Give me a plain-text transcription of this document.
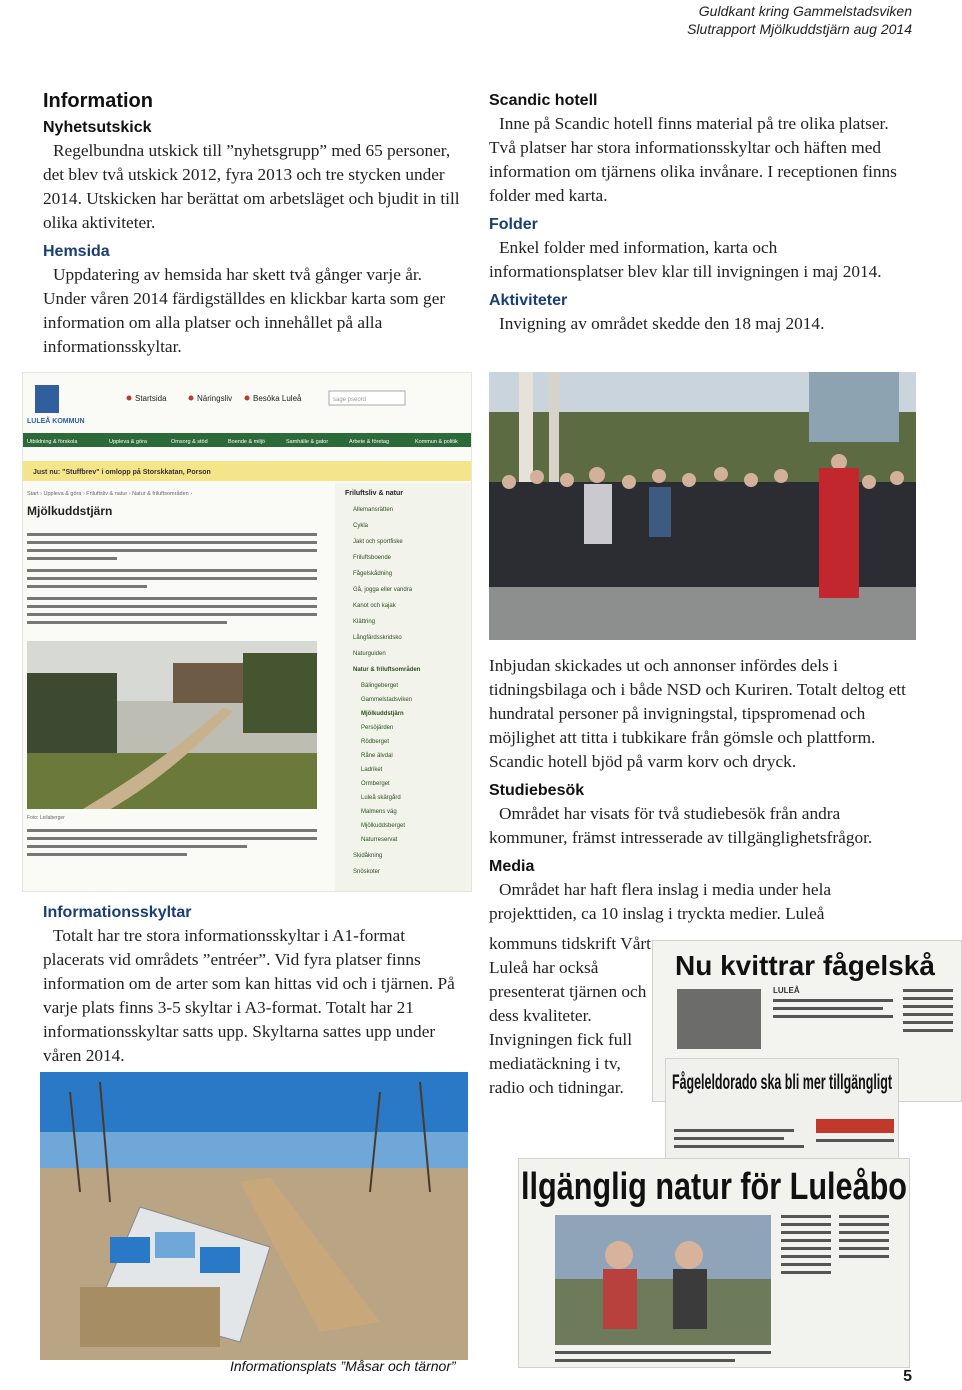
Guldkant kring Gammelstadsviken
Slutrapport Mjölkuddstjärn aug 2014
Information
Nyhetsutskick

Regelbundna utskick till ”nyhetsgrupp” med 65 personer, det blev två utskick 2012, fyra 2013 och tre stycken under 2014. Utskicken har berättat om arbetsläget och bjudit in till olika aktiviteter.

Hemsida

Uppdatering av hemsida har skett två gånger varje år. Under våren 2014 färdigställdes en klickbar karta som ger information om alla platser och innehållet på alla informationsskyltar.

Scandic hotell

Inne på Scandic hotell finns material på tre olika platser. Två platser har stora informationsskyltar och häften med information om tjärnens olika invånare. I receptionen finns folder med karta.

Folder

Enkel folder med information, karta och informationsplatser blev klar till invigningen i maj 2014.

Aktiviteter

Invigning av området skedde den 18 maj 2014.

LULEÅ KOMMUN
Startsida	Näringsliv	Besöka Luleå	sage pseord
Utbildning & förskola	Uppleva & göra	Omsorg & stöd	Boende & miljö	Samhälle & gator	Arbete & företag	Kommun & politik
Just nu: "Stuffbrev" i omlopp på Storskkatan, Porson
Start › Uppleva & göra › Friluftsliv & natur › Natur & friluftsområden ›
Mjölkuddstjärn
Foto: Leilaberger
Friluftsliv & natur
Allemansrätten
Cykla
Jakt och sportfiske
Friluftsboende
Fågelskådning
Gå, jogga eller vandra
Kanot och kajak
Klättring
Långfärdsskridsko
Naturguiden
Natur & friluftsområden
Bälingeberget
Gammelstadsviken
Mjölkuddstjärn
Persöjärden
Rödberget
Råne älvdal
Ladriket
Ormberget
Luleå skärgård
Malmens väg
Mjölkuddsberget
Naturreservat
Skidåkning
Snöskoter

Inbjudan skickades ut och annonser infördes dels i tidningsbilaga och i både NSD och Kuriren. Totalt deltog ett hundratal personer på invigningstal, tipspromenad och möjlighet att titta i tubkikare från gömsle och plattform. Scandic hotell bjöd på varm korv och dryck.

Studiebesök

Området har visats för två studiebesök från andra kommuner, främst intresserade av tillgänglighetsfrågor.

Media

Området har haft flera inslag i media under hela projekttiden, ca 10 inslag i tryckta medier. Luleå

kommuns tidskrift Vårt Luleå har också presenterat tjärnen och dess kvaliteter. Invigningen fick full mediatäckning i tv, radio och tidningar.
Informationsskyltar

Totalt har tre stora informationsskyltar i A1-format placerats vid områdets ”entréer”. Vid fyra platser finns information om de arter som kan hittas vid och i tjärnen. På varje plats finns 3-5 skyltar i A3-format. Totalt har 21 informationsskyltar satts upp. Skyltarna sattes upp under våren 2014.

Nu kvittrar fågelskå
LULEÅ
Fågeleldorado ska bli mer tillgängligt
llgänglig natur för Luleåbo
Informationsplats ”Måsar och tärnor”
5
